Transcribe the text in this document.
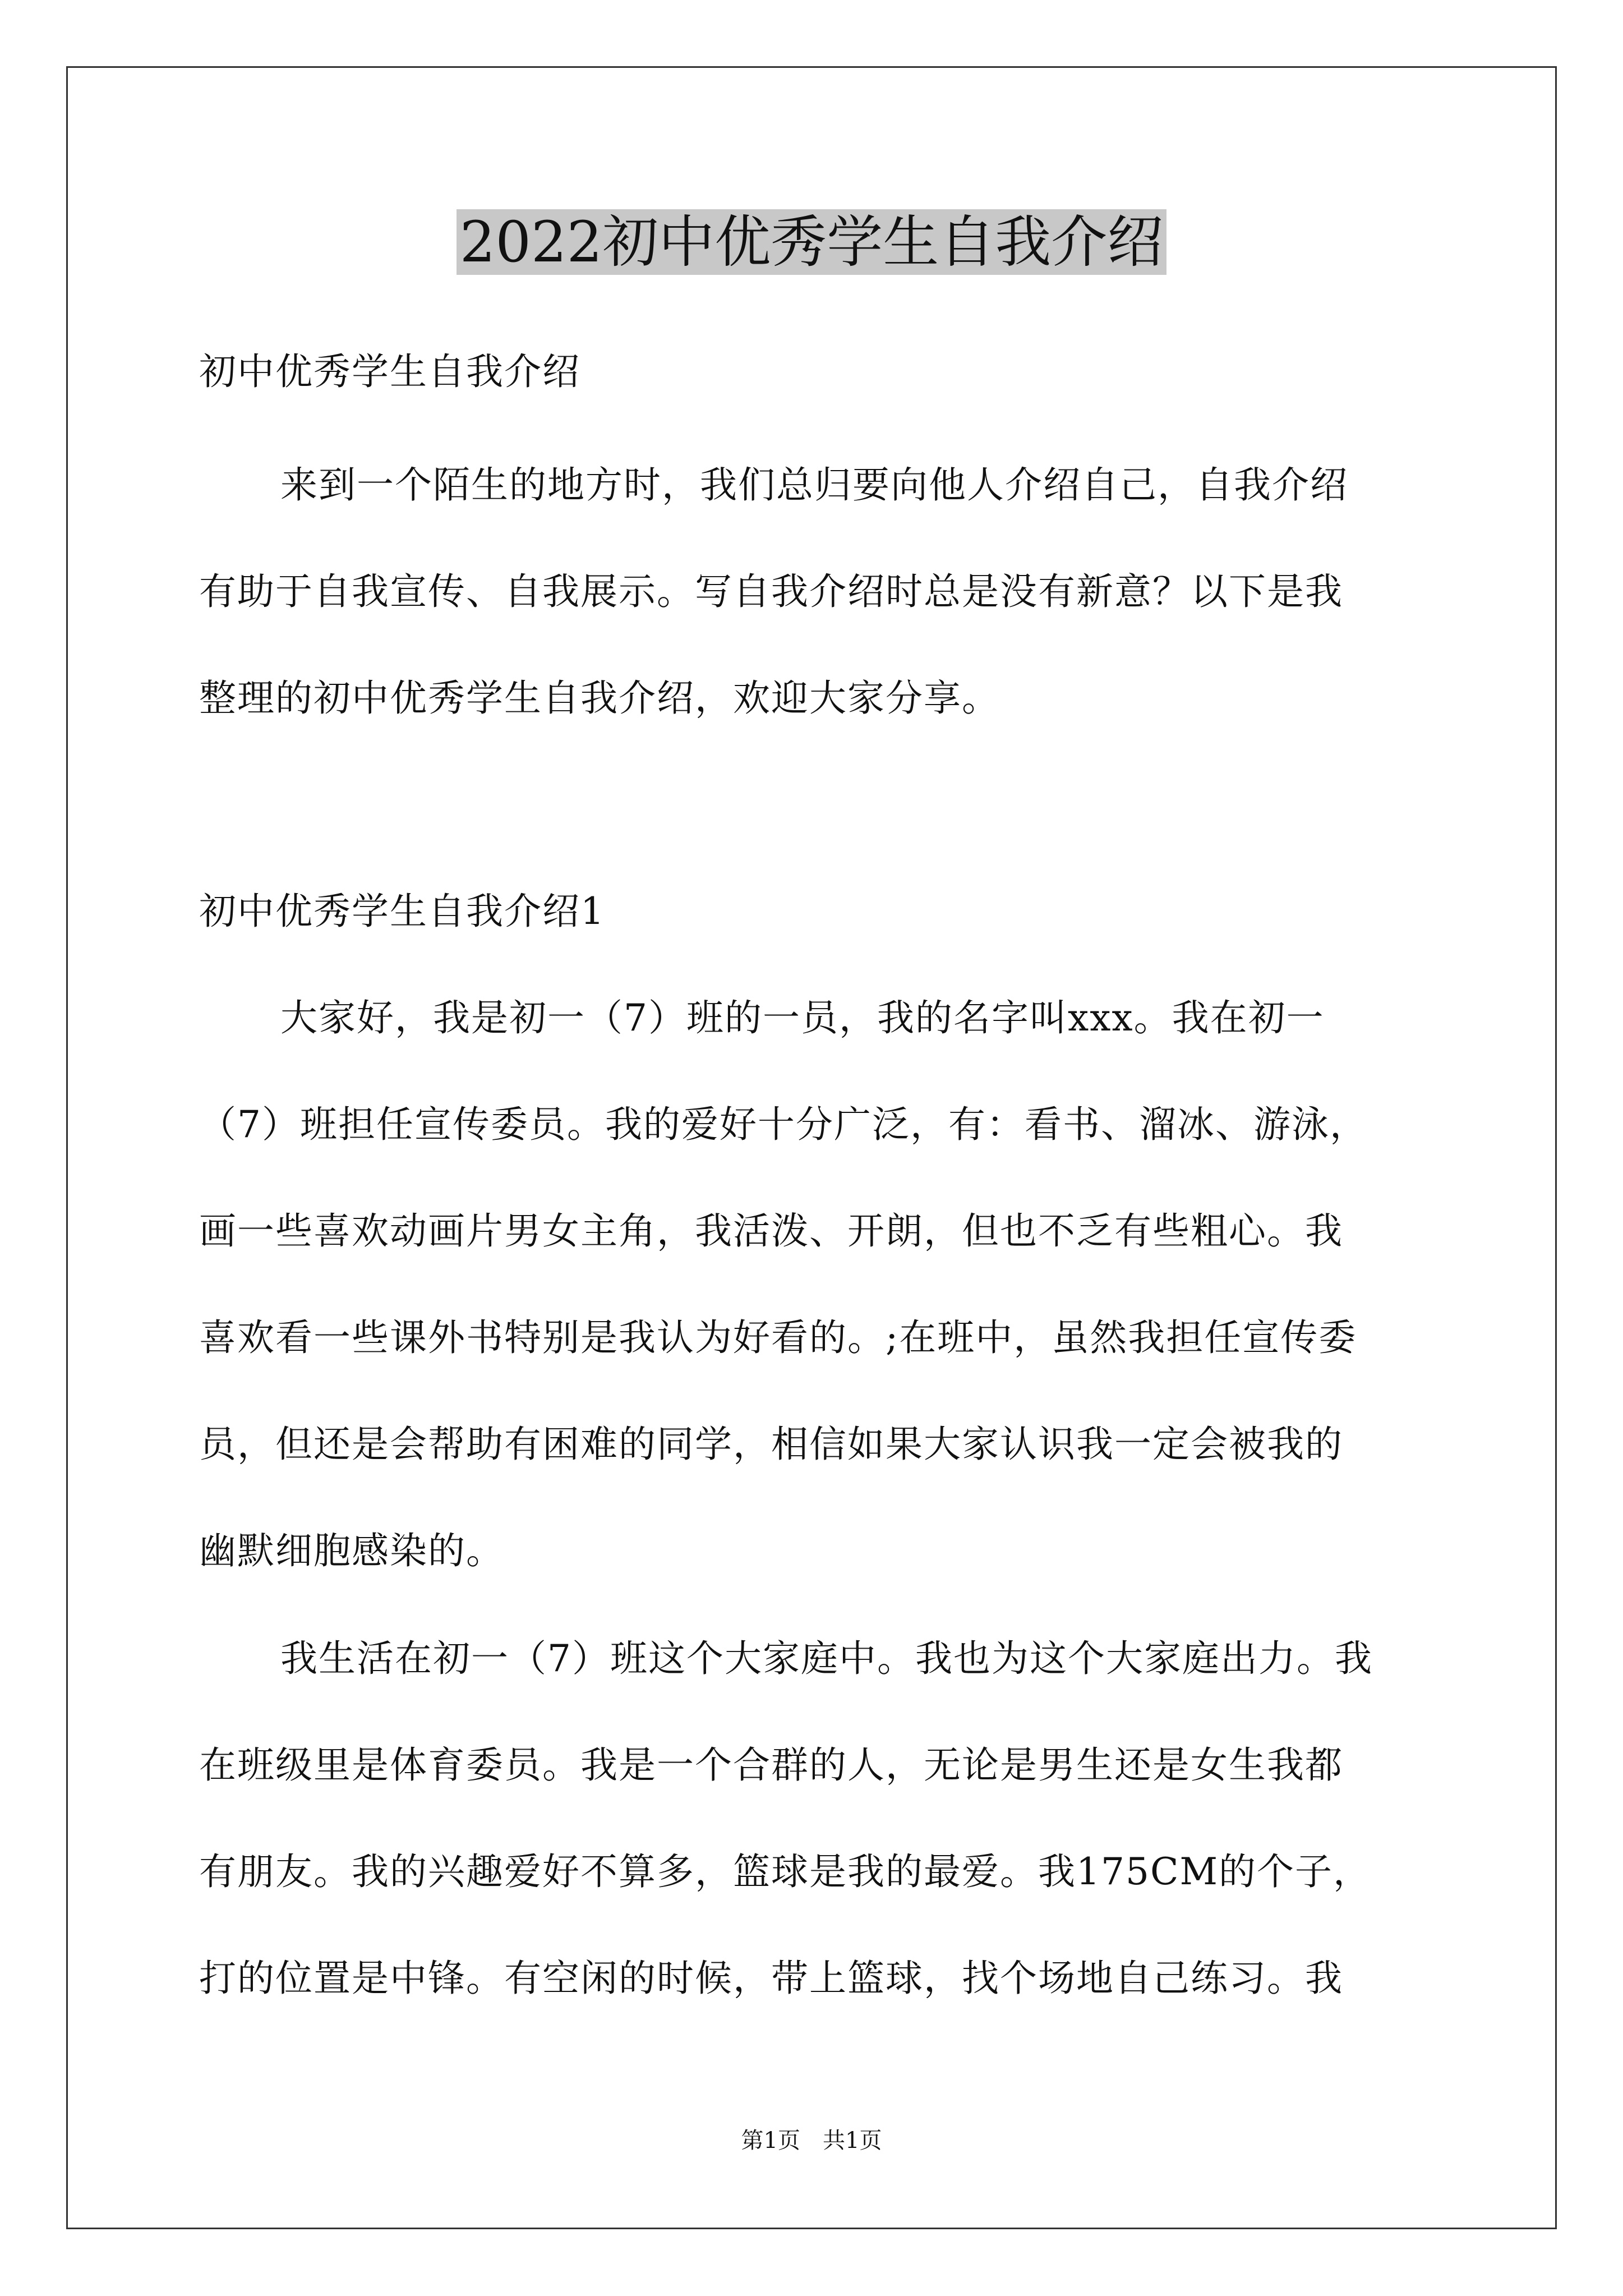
2022初中优秀学生自我介绍
初中优秀学生自我介绍
来到一个陌生的地方时，我们总归要向他人介绍自己，自我介绍
有助于自我宣传、自我展示。写自我介绍时总是没有新意？以下是我
整理的初中优秀学生自我介绍，欢迎大家分享。
初中优秀学生自我介绍1
大家好，我是初一（7）班的一员，我的名字叫xxx。我在初一
（7）班担任宣传委员。我的爱好十分广泛，有：看书、溜冰、游泳，
画一些喜欢动画片男女主角，我活泼、开朗，但也不乏有些粗心。我
喜欢看一些课外书特别是我认为好看的。;在班中，虽然我担任宣传委
员，但还是会帮助有困难的同学，相信如果大家认识我一定会被我的
幽默细胞感染的。
我生活在初一（7）班这个大家庭中。我也为这个大家庭出力。我
在班级里是体育委员。我是一个合群的人，无论是男生还是女生我都
有朋友。我的兴趣爱好不算多，篮球是我的最爱。我175CM的个子，
打的位置是中锋。有空闲的时候，带上篮球，找个场地自己练习。我
第1页　共1页
